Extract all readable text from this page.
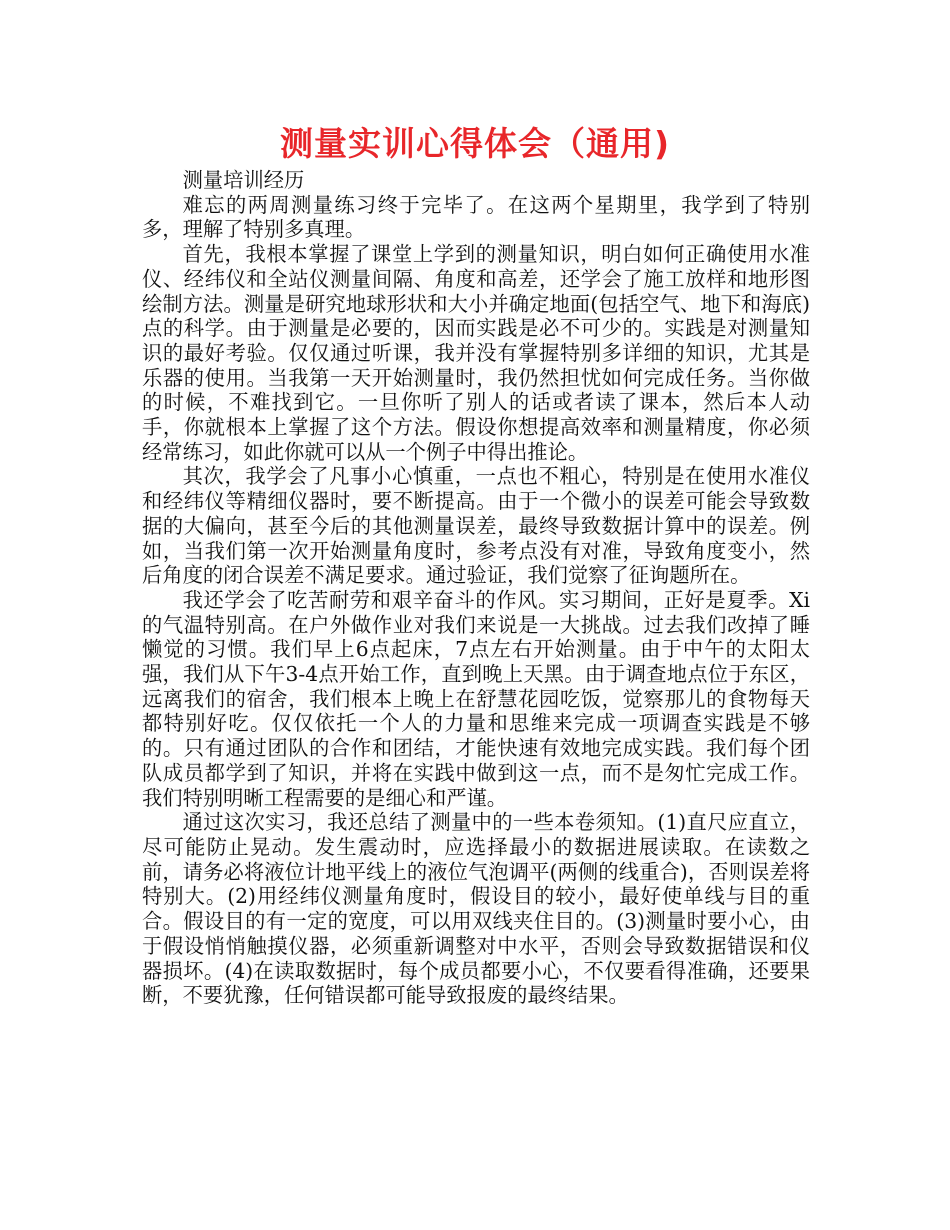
测量实训心得体会（通用)

测量培训经历

难忘的两周测量练习终于完毕了。在这两个星期里，我学到了特别多，理解了特别多真理。

首先，我根本掌握了课堂上学到的测量知识，明白如何正确使用水准仪、经纬仪和全站仪测量间隔、角度和高差，还学会了施工放样和地形图绘制方法。测量是研究地球形状和大小并确定地面(包括空气、地下和海底)点的科学。由于测量是必要的，因而实践是必不可少的。实践是对测量知识的最好考验。仅仅通过听课，我并没有掌握特别多详细的知识，尤其是乐器的使用。当我第一天开始测量时，我仍然担忧如何完成任务。当你做的时候，不难找到它。一旦你听了别人的话或者读了课本，然后本人动手，你就根本上掌握了这个方法。假设你想提高效率和测量精度，你必须经常练习，如此你就可以从一个例子中得出推论。

其次，我学会了凡事小心慎重，一点也不粗心，特别是在使用水准仪和经纬仪等精细仪器时，要不断提高。由于一个微小的误差可能会导致数据的大偏向，甚至今后的其他测量误差，最终导致数据计算中的误差。例如，当我们第一次开始测量角度时，参考点没有对准，导致角度变小，然后角度的闭合误差不满足要求。通过验证，我们觉察了征询题所在。

我还学会了吃苦耐劳和艰辛奋斗的作风。实习期间，正好是夏季。Xi的气温特别高。在户外做作业对我们来说是一大挑战。过去我们改掉了睡懒觉的习惯。我们早上6点起床，7点左右开始测量。由于中午的太阳太强，我们从下午3-4点开始工作，直到晚上天黑。由于调查地点位于东区，远离我们的宿舍，我们根本上晚上在舒慧花园吃饭，觉察那儿的食物每天都特别好吃。仅仅依托一个人的力量和思维来完成一项调查实践是不够的。只有通过团队的合作和团结，才能快速有效地完成实践。我们每个团队成员都学到了知识，并将在实践中做到这一点，而不是匆忙完成工作。我们特别明晰工程需要的是细心和严谨。

通过这次实习，我还总结了测量中的一些本卷须知。(1)直尺应直立，尽可能防止晃动。发生震动时，应选择最小的数据进展读取。在读数之前，请务必将液位计地平线上的液位气泡调平(两侧的线重合)，否则误差将特别大。(2)用经纬仪测量角度时，假设目的较小，最好使单线与目的重合。假设目的有一定的宽度，可以用双线夹住目的。(3)测量时要小心，由于假设悄悄触摸仪器，必须重新调整对中水平，否则会导致数据错误和仪器损坏。(4)在读取数据时，每个成员都要小心，不仅要看得准确，还要果断，不要犹豫，任何错误都可能导致报废的最终结果。
